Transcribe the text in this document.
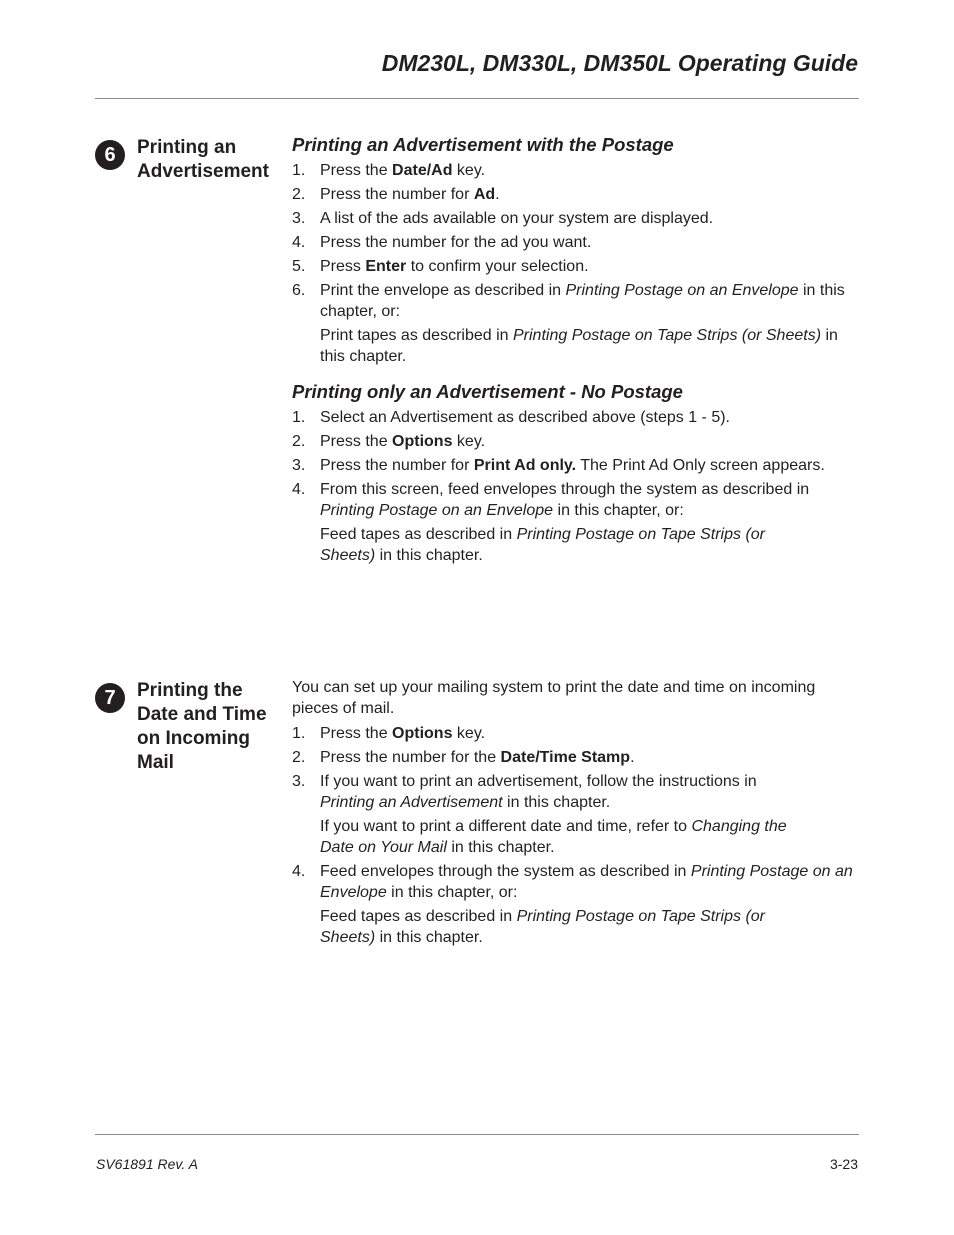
DM230L, DM330L, DM350L Operating Guide
6	Printing an Advertisement
Printing an Advertisement with the Postage
1. Press the Date/Ad key.
2. Press the number for Ad.
3. A list of the ads available on your system are displayed.
4. Press the number for the ad you want.
5. Press Enter to confirm your selection.
6. Print the envelope as described in Printing Postage on an Envelope in this chapter, or:
Print tapes as described in Printing Postage on Tape Strips (or Sheets) in this chapter.
Printing only an Advertisement - No Postage
1. Select an Advertisement as described above (steps 1 - 5).
2. Press the Options key.
3. Press the number for Print Ad only. The Print Ad Only screen appears.
4. From this screen, feed envelopes through the system as described in Printing Postage on an Envelope in this chapter, or:
Feed tapes as described in Printing Postage on Tape Strips (or Sheets) in this chapter.
7	Printing the Date and Time on Incoming Mail

You can set up your mailing system to print the date and time on incoming pieces of mail.

1. Press the Options key.
2. Press the number for the Date/Time Stamp.
3. If you want to print an advertisement, follow the instructions in Printing an Advertisement in this chapter.
If you want to print a different date and time, refer to Changing the Date on Your Mail in this chapter.
4. Feed envelopes through the system as described in Printing Postage on an Envelope in this chapter, or:
Feed tapes as described in Printing Postage on Tape Strips (or Sheets) in this chapter.
SV61891 Rev. A	3-23
